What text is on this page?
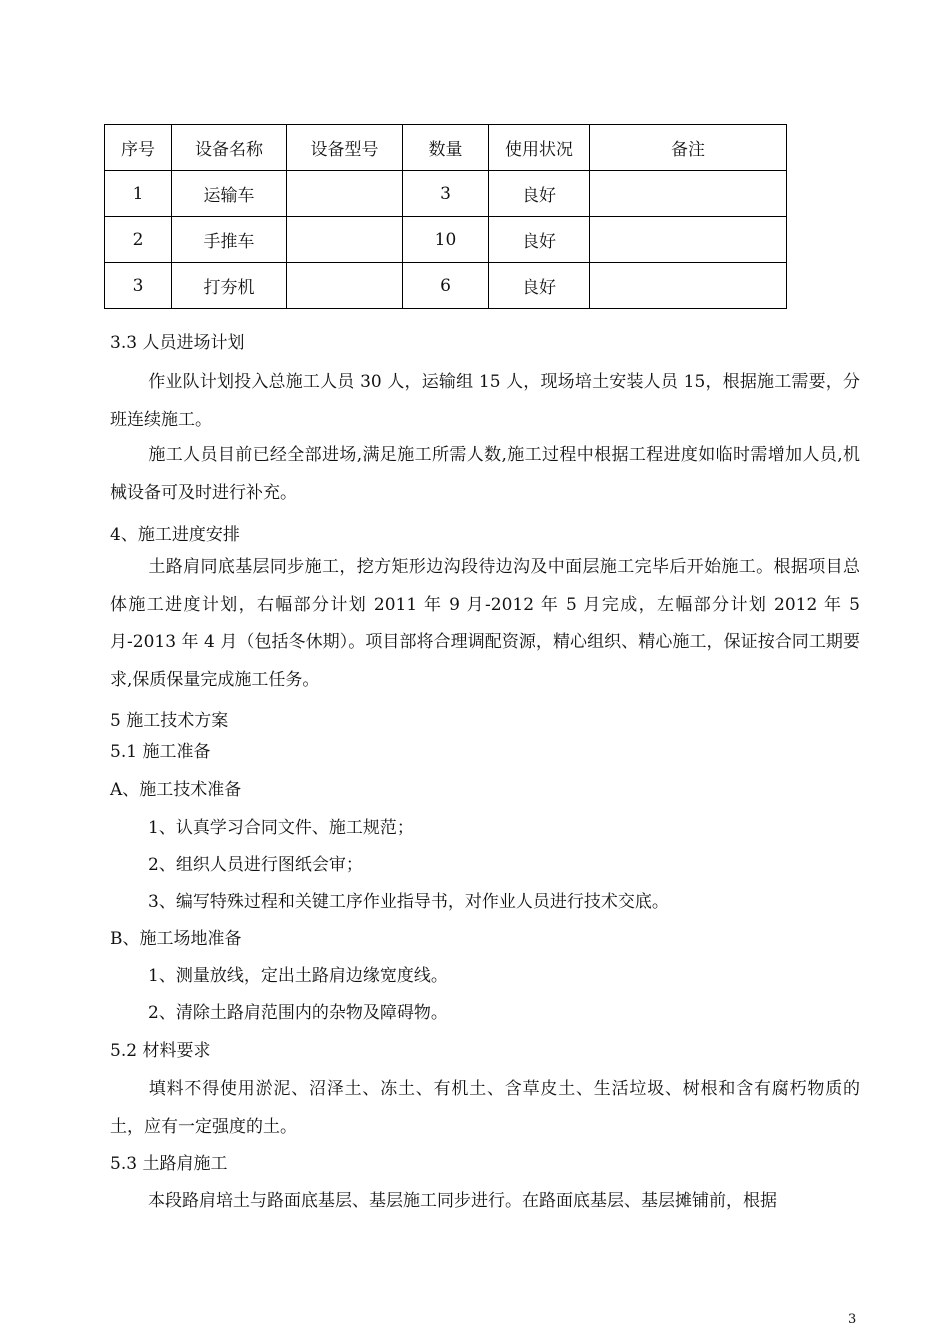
序号	设备名称	设备型号	数量	使用状况	备注
1	运输车		3	良好	
2	手推车		10	良好	
3	打夯机		6	良好	
3.3 人员进场计划

作业队计划投入总施工人员 30 人，运输组 15 人，现场培土安装人员 15，根据施工需要，分班连续施工。

施工人员目前已经全部进场,满足施工所需人数,施工过程中根据工程进度如临时需增加人员,机械设备可及时进行补充。

4、施工进度安排

土路肩同底基层同步施工，挖方矩形边沟段待边沟及中面层施工完毕后开始施工。根据项目总体施工进度计划，右幅部分计划 2011 年 9 月-2012 年 5 月完成，左幅部分计划 2012 年 5 月-2013 年 4 月（包括冬休期）。项目部将合理调配资源，精心组织、精心施工，保证按合同工期要求,保质保量完成施工任务。

5 施工技术方案
5.1 施工准备
A、施工技术准备
1、认真学习合同文件、施工规范；
2、组织人员进行图纸会审；
3、编写特殊过程和关键工序作业指导书，对作业人员进行技术交底。
B、施工场地准备
1、测量放线，定出土路肩边缘宽度线。
2、清除土路肩范围内的杂物及障碍物。
5.2 材料要求

填料不得使用淤泥、沼泽土、冻土、有机土、含草皮土、生活垃圾、树根和含有腐朽物质的土，应有一定强度的土。

5.3 土路肩施工

本段路肩培土与路面底基层、基层施工同步进行。在路面底基层、基层摊铺前，根据

3
